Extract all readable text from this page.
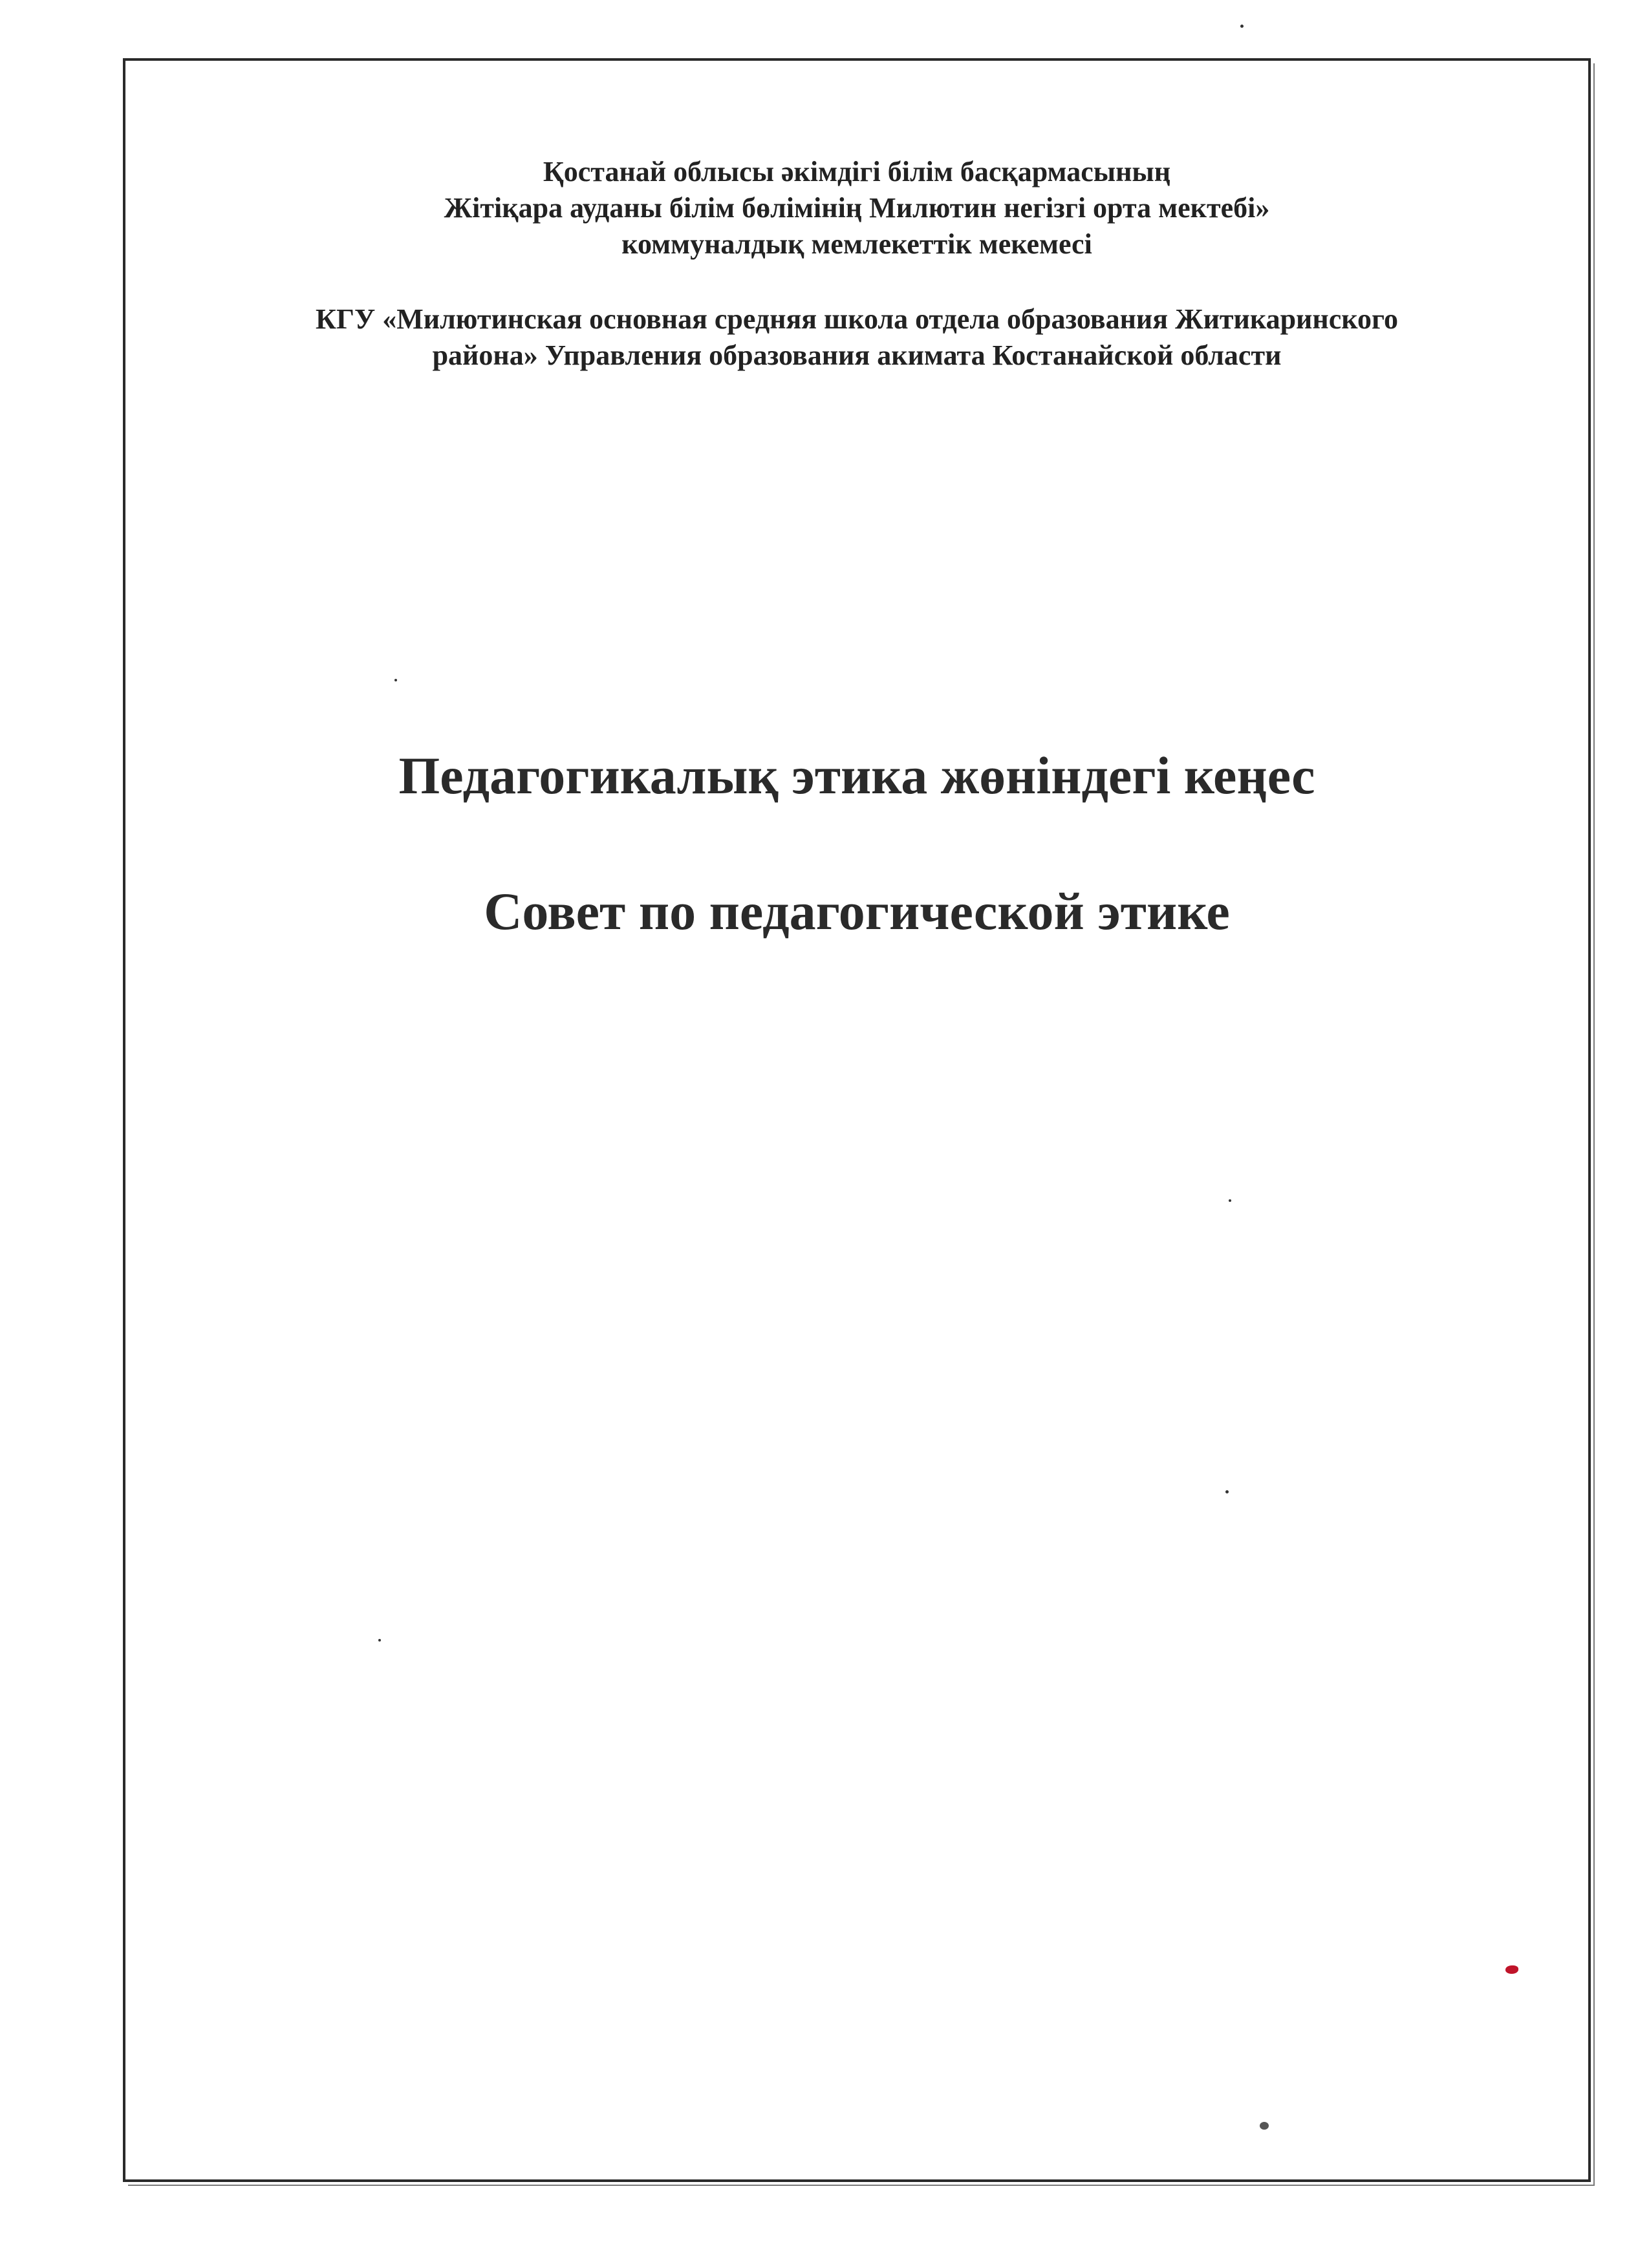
Қостанай облысы әкімдігі білім басқармасының
Жітіқара ауданы білім бөлімінің Милютин негізгі орта мектебі»
коммуналдық мемлекеттік мекемесі
КГУ «Милютинская основная средняя школа отдела образования Житикаринского
района» Управления образования акимата Костанайской области
Педагогикалық этика жөніндегі кеңес
Совет по педагогической этике
